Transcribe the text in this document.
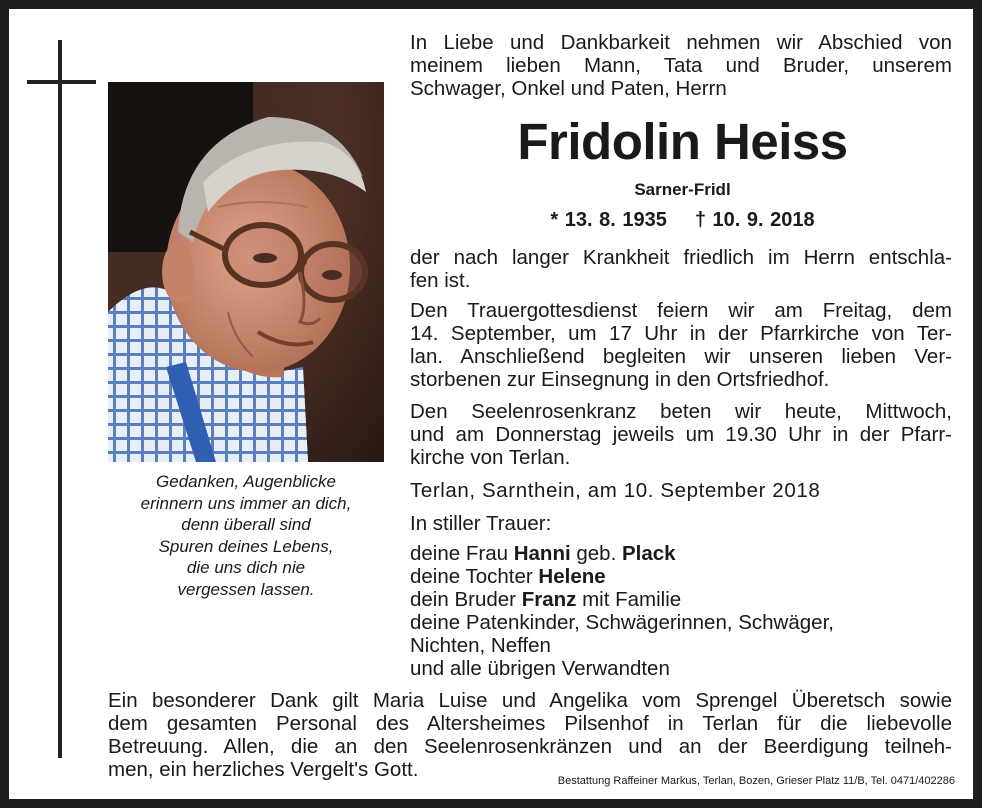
Gedanken, Augenblicke
erinnern uns immer an dich,
denn überall sind
Spuren deines Lebens,
die uns dich nie
vergessen lassen.
In Liebe und Dankbarkeit nehmen wir Abschied von
meinem lieben Mann, Tata und Bruder, unserem
Schwager, Onkel und Paten, Herrn
Fridolin Heiss
Sarner-Fridl
* 13. 8. 1935 † 10. 9. 2018
der nach langer Krankheit friedlich im Herrn entschla-
fen ist.
Den Trauergottesdienst feiern wir am Freitag, dem
14. September, um 17 Uhr in der Pfarrkirche von Ter-
lan. Anschließend begleiten wir unseren lieben Ver-
storbenen zur Einsegnung in den Ortsfriedhof.
Den Seelenrosenkranz beten wir heute, Mittwoch,
und am Donnerstag jeweils um 19.30 Uhr in der Pfarr-
kirche von Terlan.
Terlan, Sarnthein, am 10. September 2018
In stiller Trauer:
deine Frau Hanni geb. Plack
deine Tochter Helene
dein Bruder Franz mit Familie
deine Patenkinder, Schwägerinnen, Schwäger,
Nichten, Neffen
und alle übrigen Verwandten
Ein besonderer Dank gilt Maria Luise und Angelika vom Sprengel Überetsch sowie
dem gesamten Personal des Altersheimes Pilsenhof in Terlan für die liebevolle
Betreuung. Allen, die an den Seelenrosenkränzen und an der Beerdigung teilneh-
men, ein herzliches Vergelt's Gott.	Bestattung Raffeiner Markus, Terlan, Bozen, Grieser Platz 11/B, Tel. 0471/402286
